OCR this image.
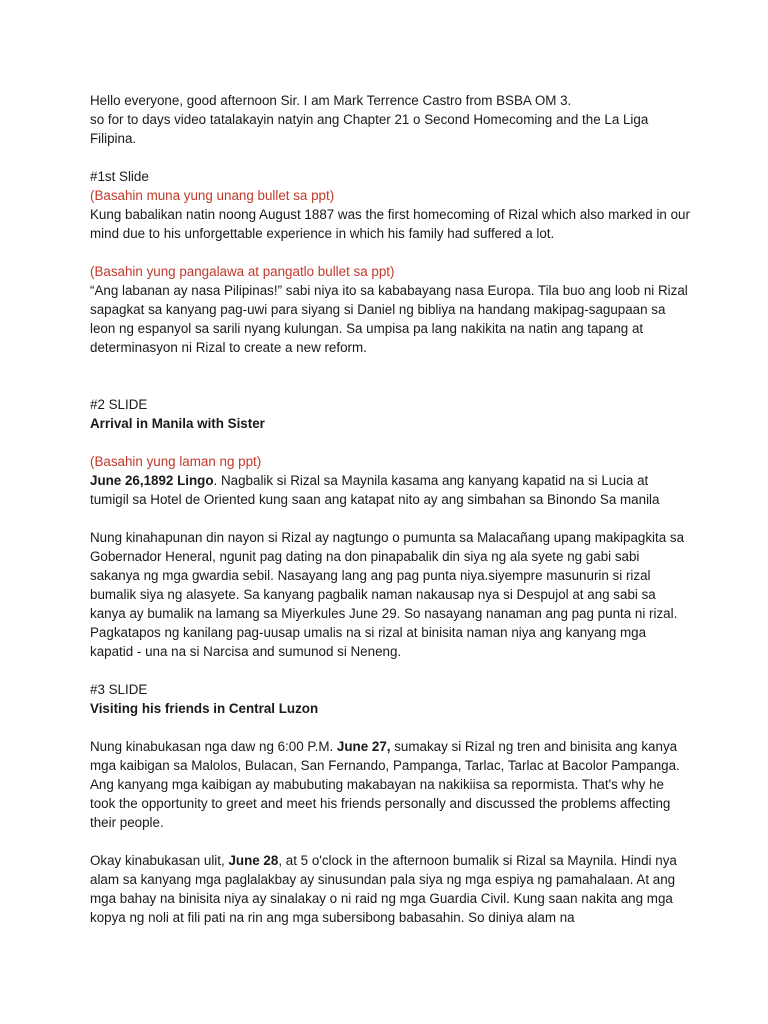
Hello everyone, good afternoon Sir. I am Mark Terrence Castro from BSBA OM 3.

so for to days video tatalakayin natyin ang Chapter 21 o Second Homecoming and the La Liga Filipina.

#1st Slide

(Basahin muna yung unang bullet sa ppt)

Kung babalikan natin noong August 1887 was the first homecoming of Rizal which also marked in our mind due to his unforgettable experience in which his family had suffered a lot.

(Basahin yung pangalawa at pangatlo bullet sa ppt)

“Ang labanan ay nasa Pilipinas!” sabi niya ito sa kababayang nasa Europa. Tila buo ang loob ni Rizal sapagkat sa kanyang pag-uwi para siyang si Daniel ng bibliya na handang makipag-sagupaan sa leon ng espanyol sa sarili nyang kulungan. Sa umpisa pa lang nakikita na natin ang tapang at determinasyon ni Rizal to create a new reform.

#2 SLIDE

Arrival in Manila with Sister

(Basahin yung laman ng ppt)

June 26,1892 Lingo. Nagbalik si Rizal sa Maynila kasama ang kanyang kapatid na si Lucia at tumigil sa Hotel de Oriented kung saan ang katapat nito ay ang simbahan sa Binondo Sa manila

Nung kinahapunan din nayon si Rizal ay nagtungo o pumunta sa Malacañang upang makipagkita sa Gobernador Heneral, ngunit pag dating na don pinapabalik din siya ng ala syete ng gabi sabi sakanya ng mga gwardia sebil. Nasayang lang ang pag punta niya.siyempre masunurin si rizal bumalik siya ng alasyete. Sa kanyang pagbalik naman nakausap nya si Despujol at ang sabi sa kanya ay bumalik na lamang sa Miyerkules June 29. So nasayang nanaman ang pag punta ni rizal. Pagkatapos ng kanilang pag-uusap umalis na si rizal at binisita naman niya ang kanyang mga kapatid - una na si Narcisa and sumunod si Neneng.

#3 SLIDE

Visiting his friends in Central Luzon

Nung kinabukasan nga daw ng 6:00 P.M. June 27, sumakay si Rizal ng tren and binisita ang kanya mga kaibigan sa Malolos, Bulacan, San Fernando, Pampanga, Tarlac, Tarlac at Bacolor Pampanga. Ang kanyang mga kaibigan ay mabubuting makabayan na nakikiisa sa repormista. That's why he took the opportunity to greet and meet his friends personally and discussed the problems affecting their people.

Okay kinabukasan ulit, June 28, at 5 o'clock in the afternoon bumalik si Rizal sa Maynila. Hindi nya alam sa kanyang mga paglalakbay ay sinusundan pala siya ng mga espiya ng pamahalaan. At ang mga bahay na binisita niya ay sinalakay o ni raid ng mga Guardia Civil. Kung saan nakita ang mga kopya ng noli at fili pati na rin ang mga subersibong babasahin. So diniya alam na
